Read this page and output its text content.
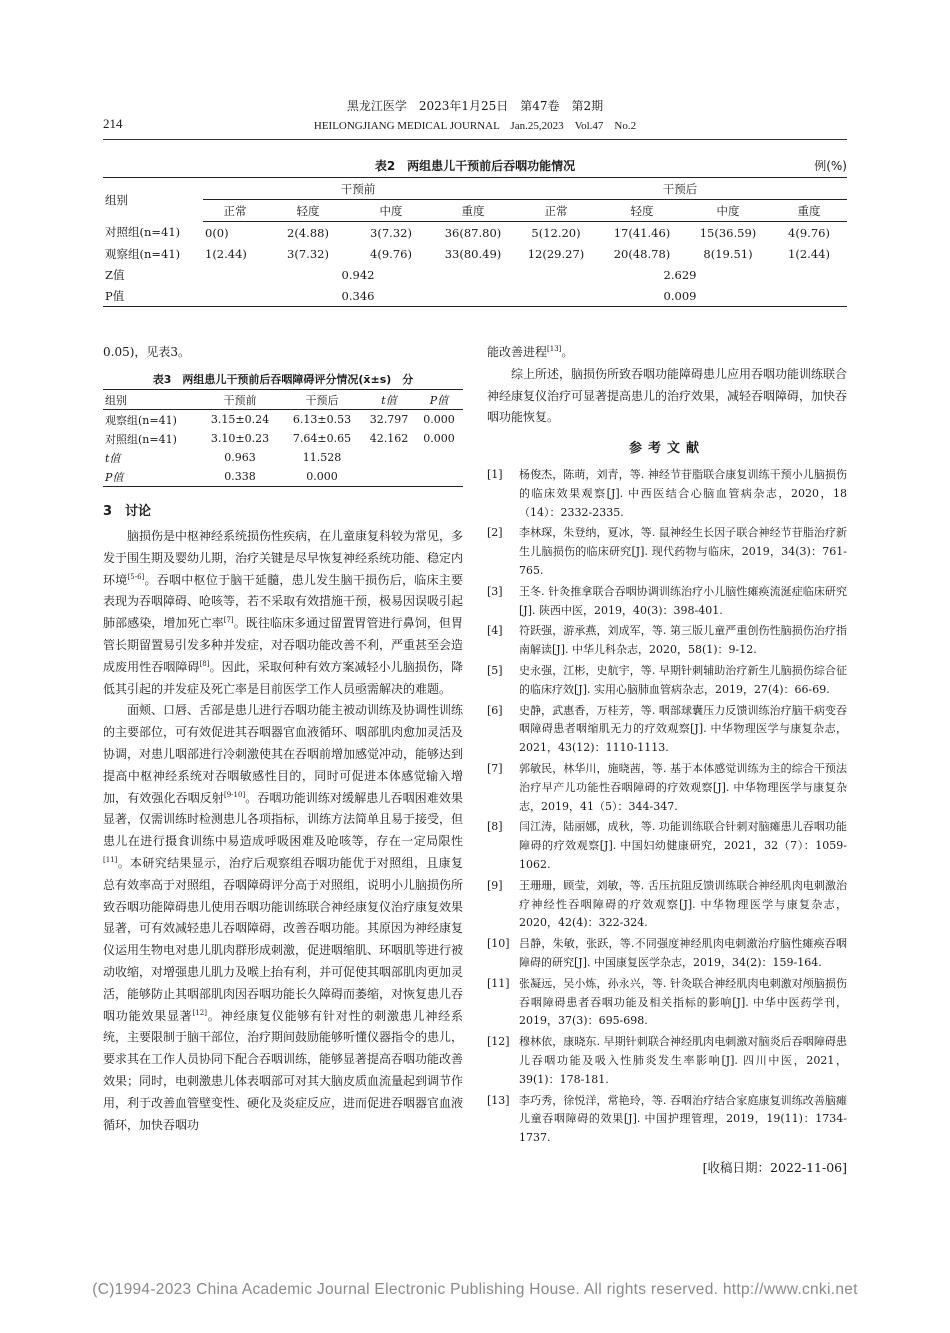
黑龙江医学　2023年1月25日　第47卷　第2期
214	HEILONGJIANG MEDICAL JOURNAL　Jan.25,2023　Vol.47　No.2
表2　两组患儿干预前后吞咽功能情况	例(%)
组别	干预前				干预后			
	正常	轻度	中度	重度	正常	轻度	中度	重度
对照组(n=41)	0(0)	2(4.88)	3(7.32)	36(87.80)	5(12.20)	17(41.46)	15(36.59)	4(9.76)
观察组(n=41)	1(2.44)	3(7.32)	4(9.76)	33(80.49)	12(29.27)	20(48.78)	8(19.51)	1(2.44)
Z值	0.942				2.629			
P值	0.346				0.009			
0.05)，见表3。
表3　两组患儿干预前后吞咽障碍评分情况(x̄±s)　分
组别	干预前	干预后	t值	P值
观察组(n=41)	3.15±0.24	6.13±0.53	32.797	0.000
对照组(n=41)	3.10±0.23	7.64±0.65	42.162	0.000
t值	0.963	11.528		
P值	0.338	0.000		
3　讨论
脑损伤是中枢神经系统损伤性疾病，在儿童康复科较为常见，多发于围生期及婴幼儿期，治疗关键是尽早恢复神经系统功能、稳定内环境[5-6]。吞咽中枢位于脑干延髓，患儿发生脑干损伤后，临床主要表现为吞咽障碍、呛咳等，若不采取有效措施干预，极易因误吸引起肺部感染，增加死亡率[7]。既往临床多通过留置胃管进行鼻饲，但胃管长期留置易引发多种并发症，对吞咽功能改善不利，严重甚至会造成废用性吞咽障碍[8]。因此，采取何种有效方案减轻小儿脑损伤，降低其引起的并发症及死亡率是目前医学工作人员亟需解决的难题。
面颊、口唇、舌部是患儿进行吞咽功能主被动训练及协调性训练的主要部位，可有效促进其吞咽器官血液循环、咽部肌肉愈加灵活及协调，对患儿咽部进行冷刺激使其在吞咽前增加感觉冲动，能够达到提高中枢神经系统对吞咽敏感性目的，同时可促进本体感觉输入增加，有效强化吞咽反射[9-10]。吞咽功能训练对缓解患儿吞咽困难效果显著，仅需训练时检测患儿各项指标，训练方法简单且易于接受，但患儿在进行摄食训练中易造成呼吸困难及呛咳等，存在一定局限性[11]。本研究结果显示，治疗后观察组吞咽功能优于对照组，且康复总有效率高于对照组，吞咽障碍评分高于对照组，说明小儿脑损伤所致吞咽功能障碍患儿使用吞咽功能训练联合神经康复仪治疗康复效果显著，可有效减轻患儿吞咽障碍，改善吞咽功能。其原因为神经康复仪运用生物电对患儿肌肉群形成刺激，促进咽缩肌、环咽肌等进行被动收缩，对增强患儿肌力及喉上抬有利，并可促使其咽部肌肉更加灵活，能够防止其咽部肌肉因吞咽功能长久障碍而萎缩，对恢复患儿吞咽功能效果显著[12]。神经康复仪能够有针对性的刺激患儿神经系统，主要限制于脑干部位，治疗期间鼓励能够听懂仪器指令的患儿，要求其在工作人员协同下配合吞咽训练，能够显著提高吞咽功能改善效果；同时，电刺激患儿体表咽部可对其大脑皮质血流量起到调节作用，利于改善血管壁变性、硬化及炎症反应，进而促进吞咽器官血液循环，加快吞咽功
能改善进程[13]。
综上所述，脑损伤所致吞咽功能障碍患儿应用吞咽功能训练联合神经康复仪治疗可显著提高患儿的治疗效果，减轻吞咽障碍，加快吞咽功能恢复。
参考文献
[1] 杨俊杰，陈萌，刘青，等. 神经节苷脂联合康复训练干预小儿脑损伤的临床效果观察[J]. 中西医结合心脑血管病杂志，2020，18（14）：2332-2335.
[2] 李林琛，朱登纳，夏冰，等. 鼠神经生长因子联合神经节苷脂治疗新生儿脑损伤的临床研究[J]. 现代药物与临床，2019，34(3)：761-765.
[3] 王冬. 针灸推拿联合吞咽协调训练治疗小儿脑性瘫痪流涎症临床研究[J]. 陕西中医，2019，40(3)：398-401.
[4] 符跃强，游承燕，刘成军，等. 第三版儿童严重创伤性脑损伤治疗指南解读[J]. 中华儿科杂志，2020，58(1)：9-12.
[5] 史永强，江彬，史航宇，等. 早期针刺辅助治疗新生儿脑损伤综合征的临床疗效[J]. 实用心脑肺血管病杂志，2019，27(4)：66-69.
[6] 史静，武惠香，万桂芳，等. 咽部球囊压力反馈训练治疗脑干病变吞咽障碍患者咽缩肌无力的疗效观察[J]. 中华物理医学与康复杂志，2021，43(12)：1110-1113.
[7] 郭敏民，林华川，施晓茜，等. 基于本体感觉训练为主的综合干预法治疗早产儿功能性吞咽障碍的疗效观察[J]. 中华物理医学与康复杂志，2019，41（5）：344-347.
[8] 闫江涛，陆丽娜，成秋，等. 功能训练联合针刺对脑瘫患儿吞咽功能障碍的疗效观察[J]. 中国妇幼健康研究，2021，32（7）：1059-1062.
[9] 王珊珊，顾莹，刘敏，等. 舌压抗阻反馈训练联合神经肌肉电刺激治疗神经性吞咽障碍的疗效观察[J]. 中华物理医学与康复杂志，2020，42(4)：322-324.
[10] 吕静，朱敏，张跃，等.不同强度神经肌肉电刺激治疗脑性瘫痪吞咽障碍的研究[J]. 中国康复医学杂志，2019，34(2)：159-164.
[11] 张凝远，吴小炼，孙永兴，等. 针灸联合神经肌肉电刺激对颅脑损伤吞咽障碍患者吞咽功能及相关指标的影响[J]. 中华中医药学刊，2019，37(3)：695-698.
[12] 穆林依，康晓东. 早期针刺联合神经肌肉电刺激对脑炎后吞咽障碍患儿吞咽功能及吸入性肺炎发生率影响[J]. 四川中医，2021，39(1)：178-181.
[13] 李巧秀，徐悦洋，常艳玲，等. 吞咽治疗结合家庭康复训练改善脑瘫儿童吞咽障碍的效果[J]. 中国护理管理，2019，19(11)：1734-1737.
[收稿日期：2022-11-06]
(C)1994-2023 China Academic Journal Electronic Publishing House. All rights reserved. http://www.cnki.net
